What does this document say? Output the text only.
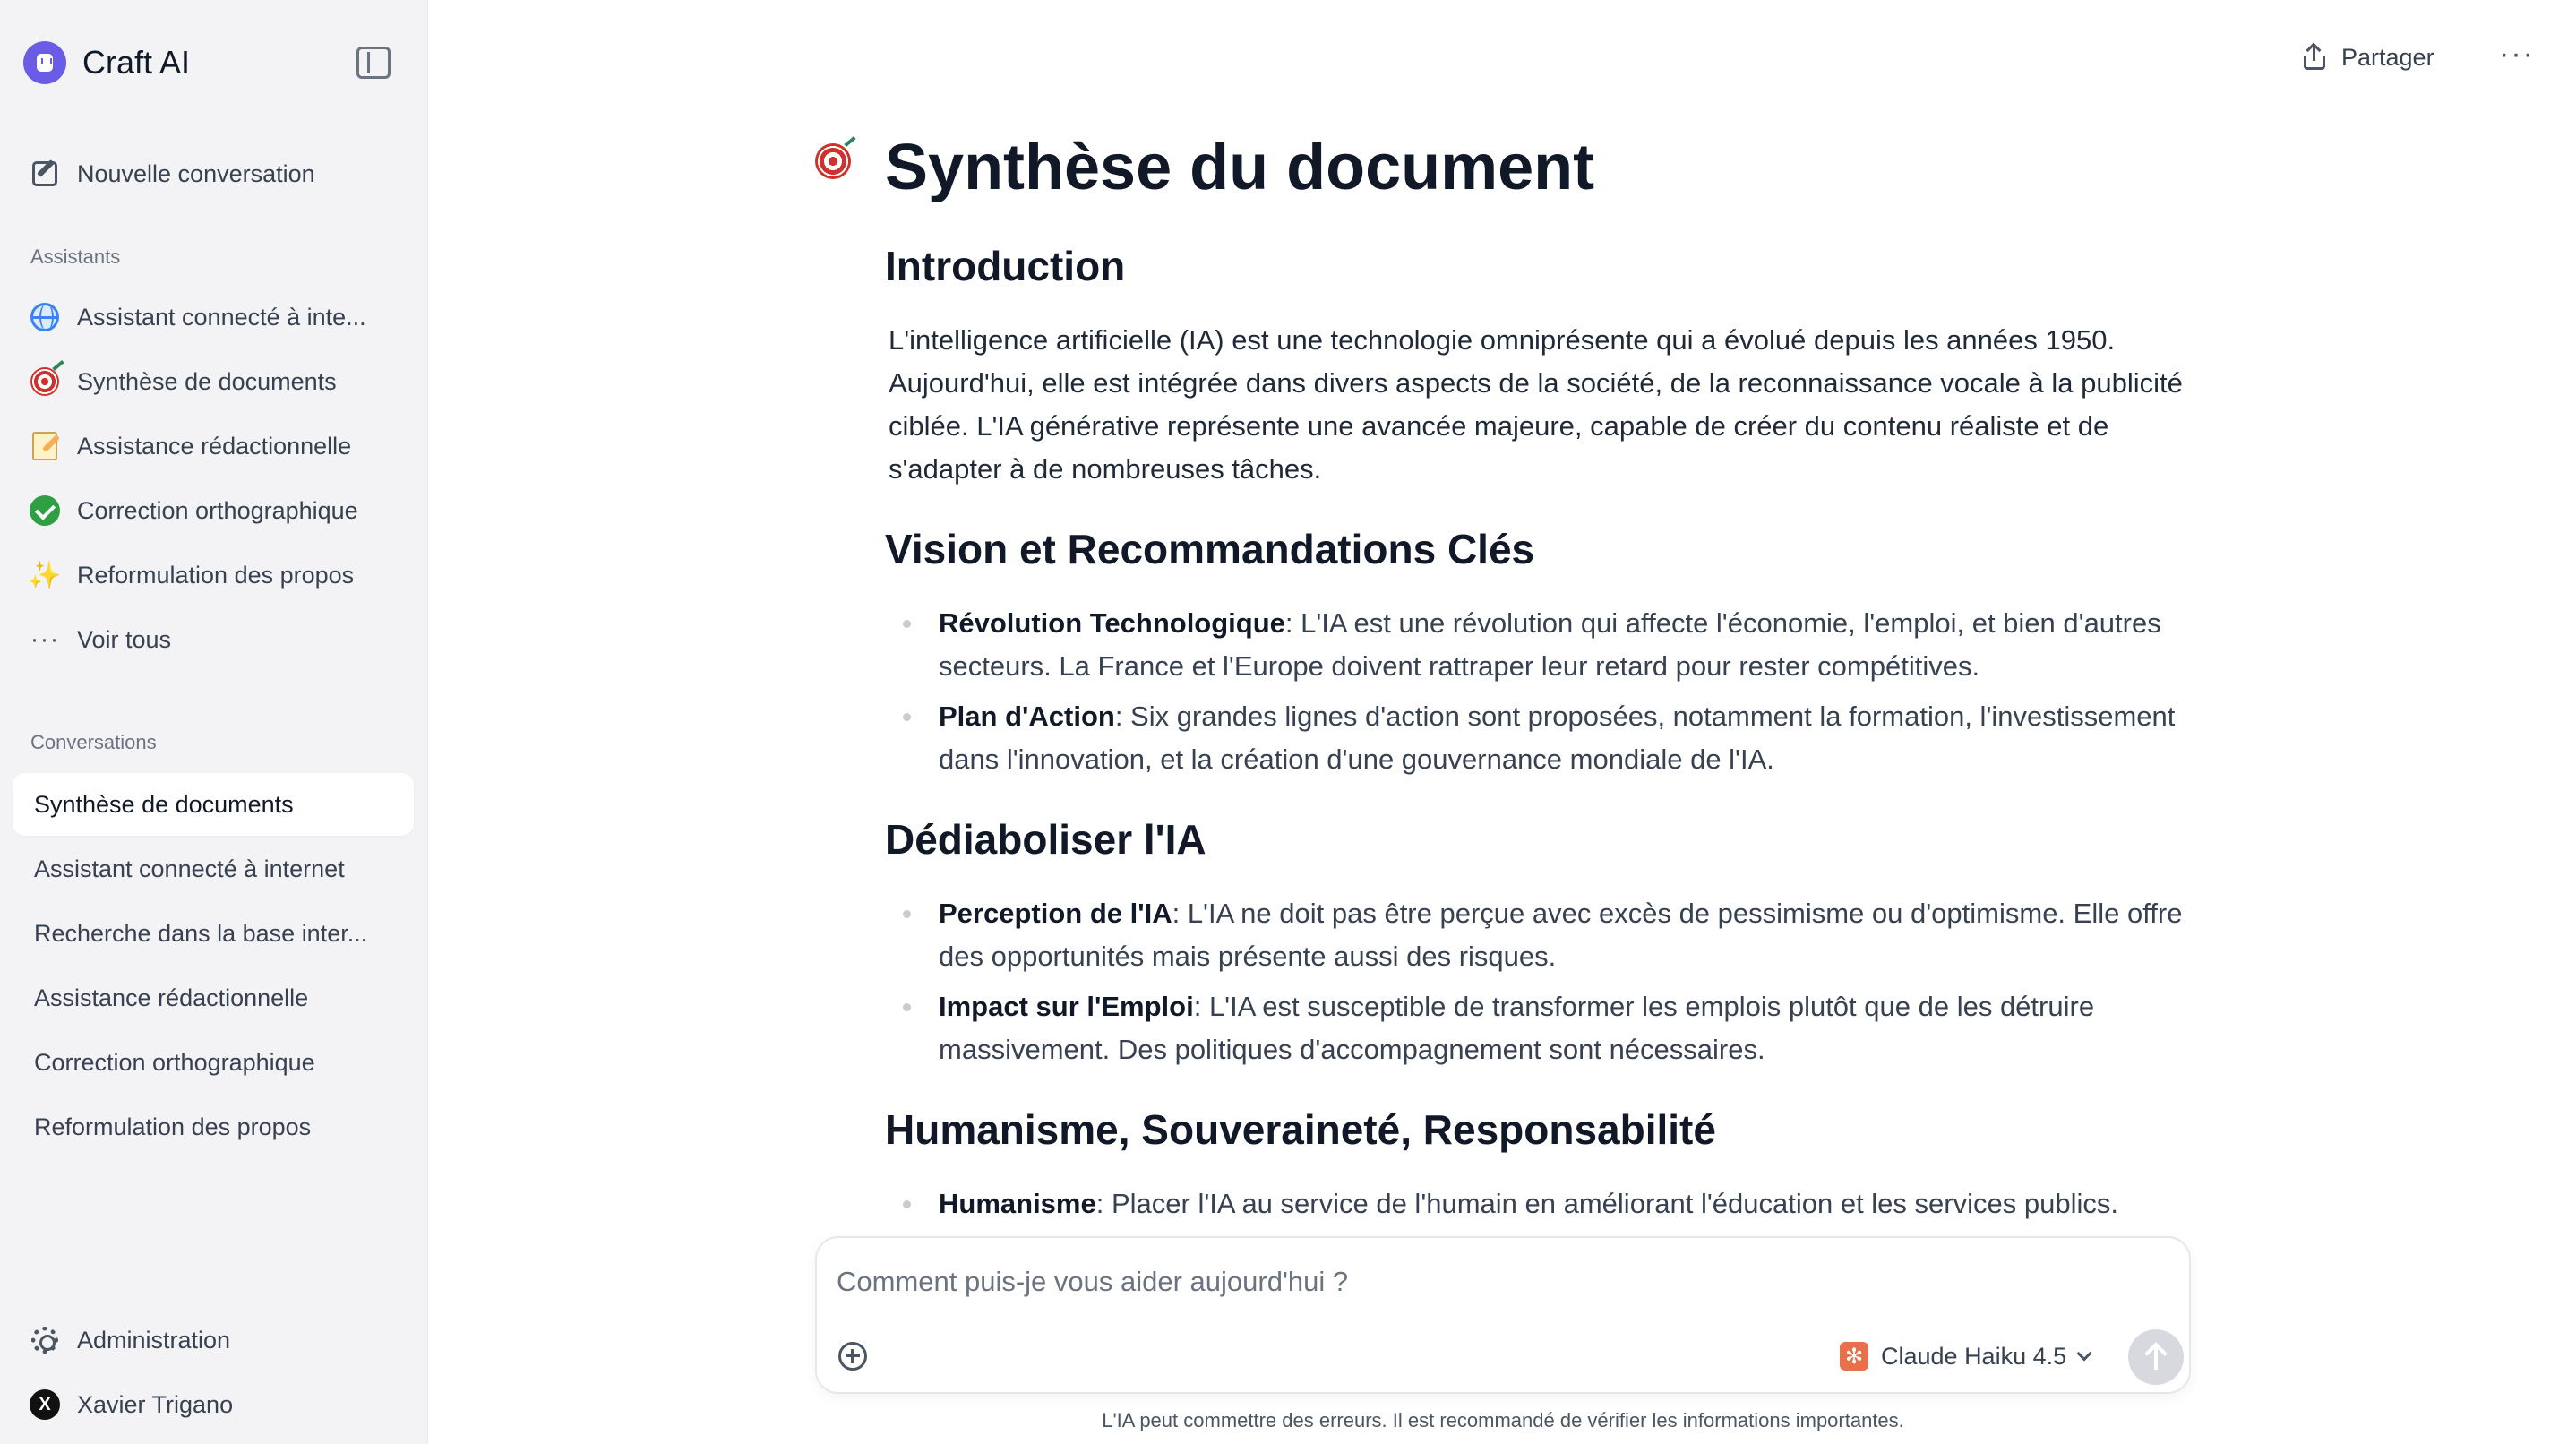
Craft AI
Nouvelle conversation
Assistants
Assistant connecté à inte...
Synthèse de documents
Assistance rédactionnelle
Correction orthographique
✨ Reformulation des propos
··· Voir tous
Conversations
Synthèse de documents
Assistant connecté à internet
Recherche dans la base inter...
Assistance rédactionnelle
Correction orthographique
Reformulation des propos
Administration
X	Xavier Trigano
Partager ···
Synthèse du document
Introduction

L'intelligence artificielle (IA) est une technologie omniprésente qui a évolué depuis les années 1950. Aujourd'hui, elle est intégrée dans divers aspects de la société, de la reconnaissance vocale à la publicité ciblée. L'IA générative représente une avancée majeure, capable de créer du contenu réaliste et de s'adapter à de nombreuses tâches.

Vision et Recommandations Clés
Révolution Technologique: L'IA est une révolution qui affecte l'économie, l'emploi, et bien d'autres secteurs. La France et l'Europe doivent rattraper leur retard pour rester compétitives.
Plan d'Action: Six grandes lignes d'action sont proposées, notamment la formation, l'investissement dans l'innovation, et la création d'une gouvernance mondiale de l'IA.
Dédiaboliser l'IA
Perception de l'IA: L'IA ne doit pas être perçue avec excès de pessimisme ou d'optimisme. Elle offre des opportunités mais présente aussi des risques.
Impact sur l'Emploi: L'IA est susceptible de transformer les emplois plutôt que de les détruire massivement. Des politiques d'accompagnement sont nécessaires.
Humanisme, Souveraineté, Responsabilité
Humanisme: Placer l'IA au service de l'humain en améliorant l'éducation et les services publics.
Comment puis-je vous aider aujourd'hui ?
✻ Claude Haiku 4.5
L'IA peut commettre des erreurs. Il est recommandé de vérifier les informations importantes.
